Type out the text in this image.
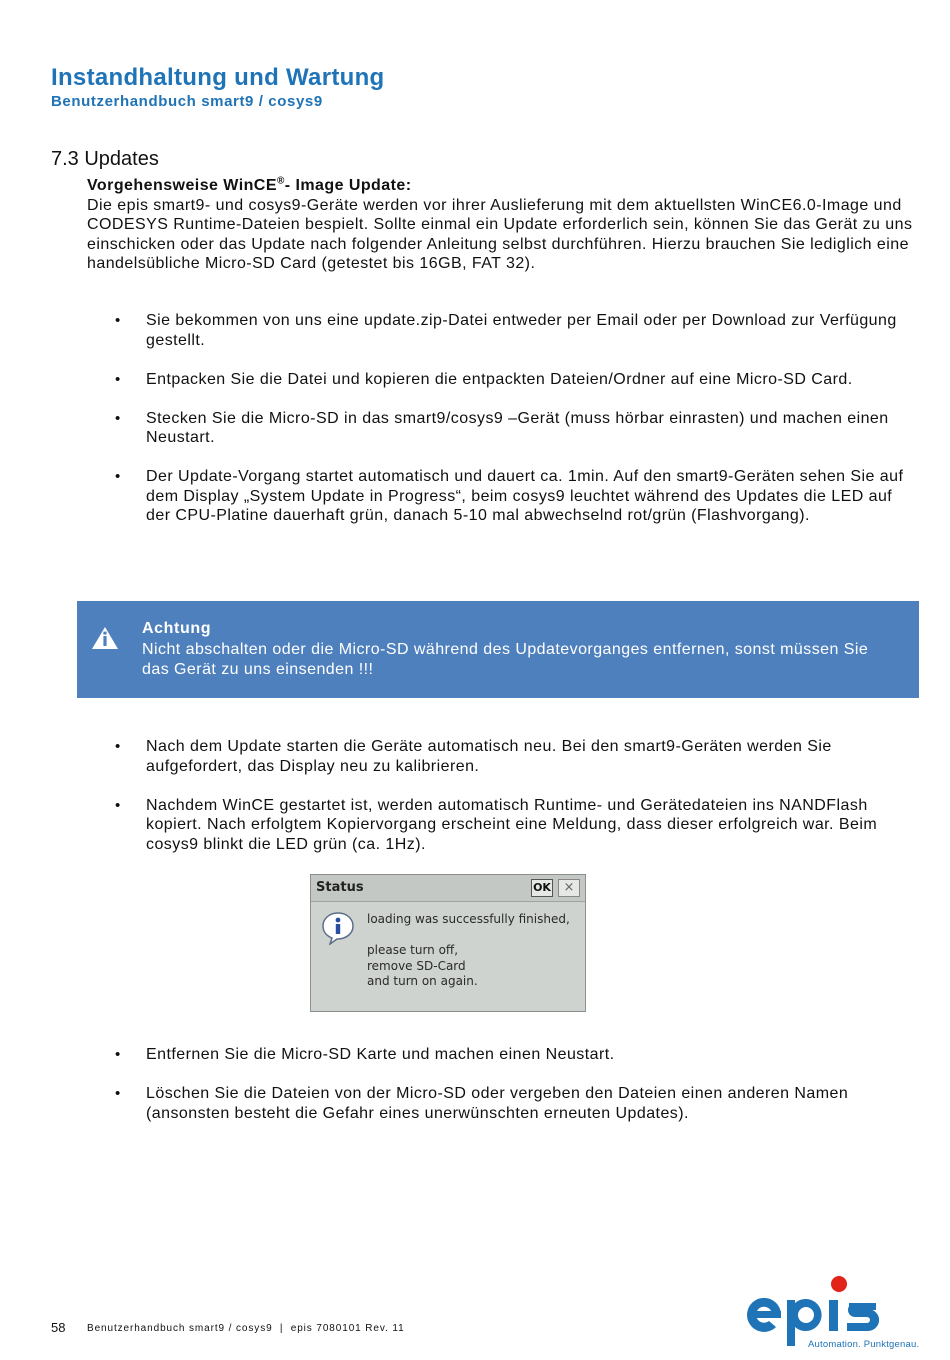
Instandhaltung und Wartung
Benutzerhandbuch smart9 / cosys9
7.3 Updates
Vorgehensweise WinCE®- Image Update:
Die epis smart9- und cosys9-Geräte werden vor ihrer Auslieferung mit dem aktuellsten WinCE6.0-Image und CODESYS Runtime-Dateien bespielt. Sollte einmal ein Update erforderlich sein, können Sie das Gerät zu uns einschicken oder das Update nach folgender Anleitung selbst durchführen. Hierzu brauchen Sie lediglich eine handelsübliche Micro-SD Card (getestet bis 16GB, FAT 32).
• Sie bekommen von uns eine update.zip-Datei entweder per Email oder per Download zur Verfügung gestellt.
• Entpacken Sie die Datei und kopieren die entpackten Dateien/Ordner auf eine Micro-SD Card.
• Stecken Sie die Micro-SD in das smart9/cosys9 –Gerät (muss hörbar einrasten) und machen einen Neustart.
• Der Update-Vorgang startet automatisch und dauert ca. 1min. Auf den smart9-Geräten sehen Sie auf dem Display „System Update in Progress“, beim cosys9 leuchtet während des Updates die LED auf der CPU-Platine dauerhaft grün, danach 5-10 mal abwechselnd rot/grün (Flashvorgang).
Achtung
Nicht abschalten oder die Micro-SD während des Updatevorganges entfernen, sonst müssen Sie das Gerät zu uns einsenden !!!
• Nach dem Update starten die Geräte automatisch neu. Bei den smart9-Geräten werden Sie aufgefordert, das Display neu zu kalibrieren.
• Nachdem WinCE gestartet ist, werden automatisch Runtime- und Gerätedateien ins NANDFlash kopiert. Nach erfolgtem Kopiervorgang erscheint eine Meldung, dass dieser erfolgreich war. Beim cosys9 blinkt die LED grün (ca. 1Hz).
Status	OK ×
loading was successfully finished,
please turn off,
remove SD-Card
and turn on again.
• Entfernen Sie die Micro-SD Karte und machen einen Neustart.
• Löschen Sie die Dateien von der Micro-SD oder vergeben den Dateien einen anderen Namen (ansonsten besteht die Gefahr eines unerwünschten erneuten Updates).
58 Benutzerhandbuch smart9 / cosys9  |  epis 7080101 Rev. 11
Automation. Punktgenau.
